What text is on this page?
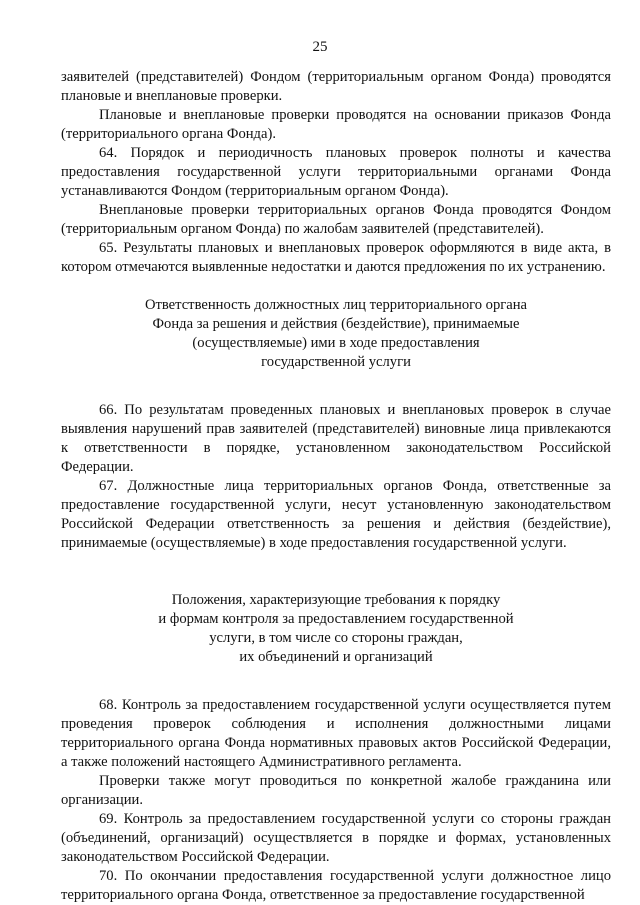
25

заявителей (представителей) Фондом (территориальным органом Фонда) проводятся плановые и внеплановые проверки.

Плановые и внеплановые проверки проводятся на основании приказов Фонда (территориального органа Фонда).

64. Порядок и периодичность плановых проверок полноты и качества предоставления государственной услуги территориальными органами Фонда устанавливаются Фондом (территориальным органом Фонда).

Внеплановые проверки территориальных органов Фонда проводятся Фондом (территориальным органом Фонда) по жалобам заявителей (представителей).

65. Результаты плановых и внеплановых проверок оформляются в виде акта, в котором отмечаются выявленные недостатки и даются предложения по их устранению.

Ответственность должностных лиц территориального органа
Фонда за решения и действия (бездействие), принимаемые
(осуществляемые) ими в ходе предоставления
государственной услуги

66. По результатам проведенных плановых и внеплановых проверок в случае выявления нарушений прав заявителей (представителей) виновные лица привлекаются к ответственности в порядке, установленном законодательством Российской Федерации.

67. Должностные лица территориальных органов Фонда, ответственные за предоставление государственной услуги, несут установленную законодательством Российской Федерации ответственность за решения и действия (бездействие), принимаемые (осуществляемые) в ходе предоставления государственной услуги.

Положения, характеризующие требования к порядку
и формам контроля за предоставлением государственной
услуги, в том числе со стороны граждан,
их объединений и организаций

68. Контроль за предоставлением государственной услуги осуществляется путем проведения проверок соблюдения и исполнения должностными лицами территориального органа Фонда нормативных правовых актов Российской Федерации, а также положений настоящего Административного регламента.

Проверки также могут проводиться по конкретной жалобе гражданина или организации.

69. Контроль за предоставлением государственной услуги со стороны граждан (объединений, организаций) осуществляется в порядке и формах, установленных законодательством Российской Федерации.

70. По окончании предоставления государственной услуги должностное лицо территориального органа Фонда, ответственное за предоставление государственной
